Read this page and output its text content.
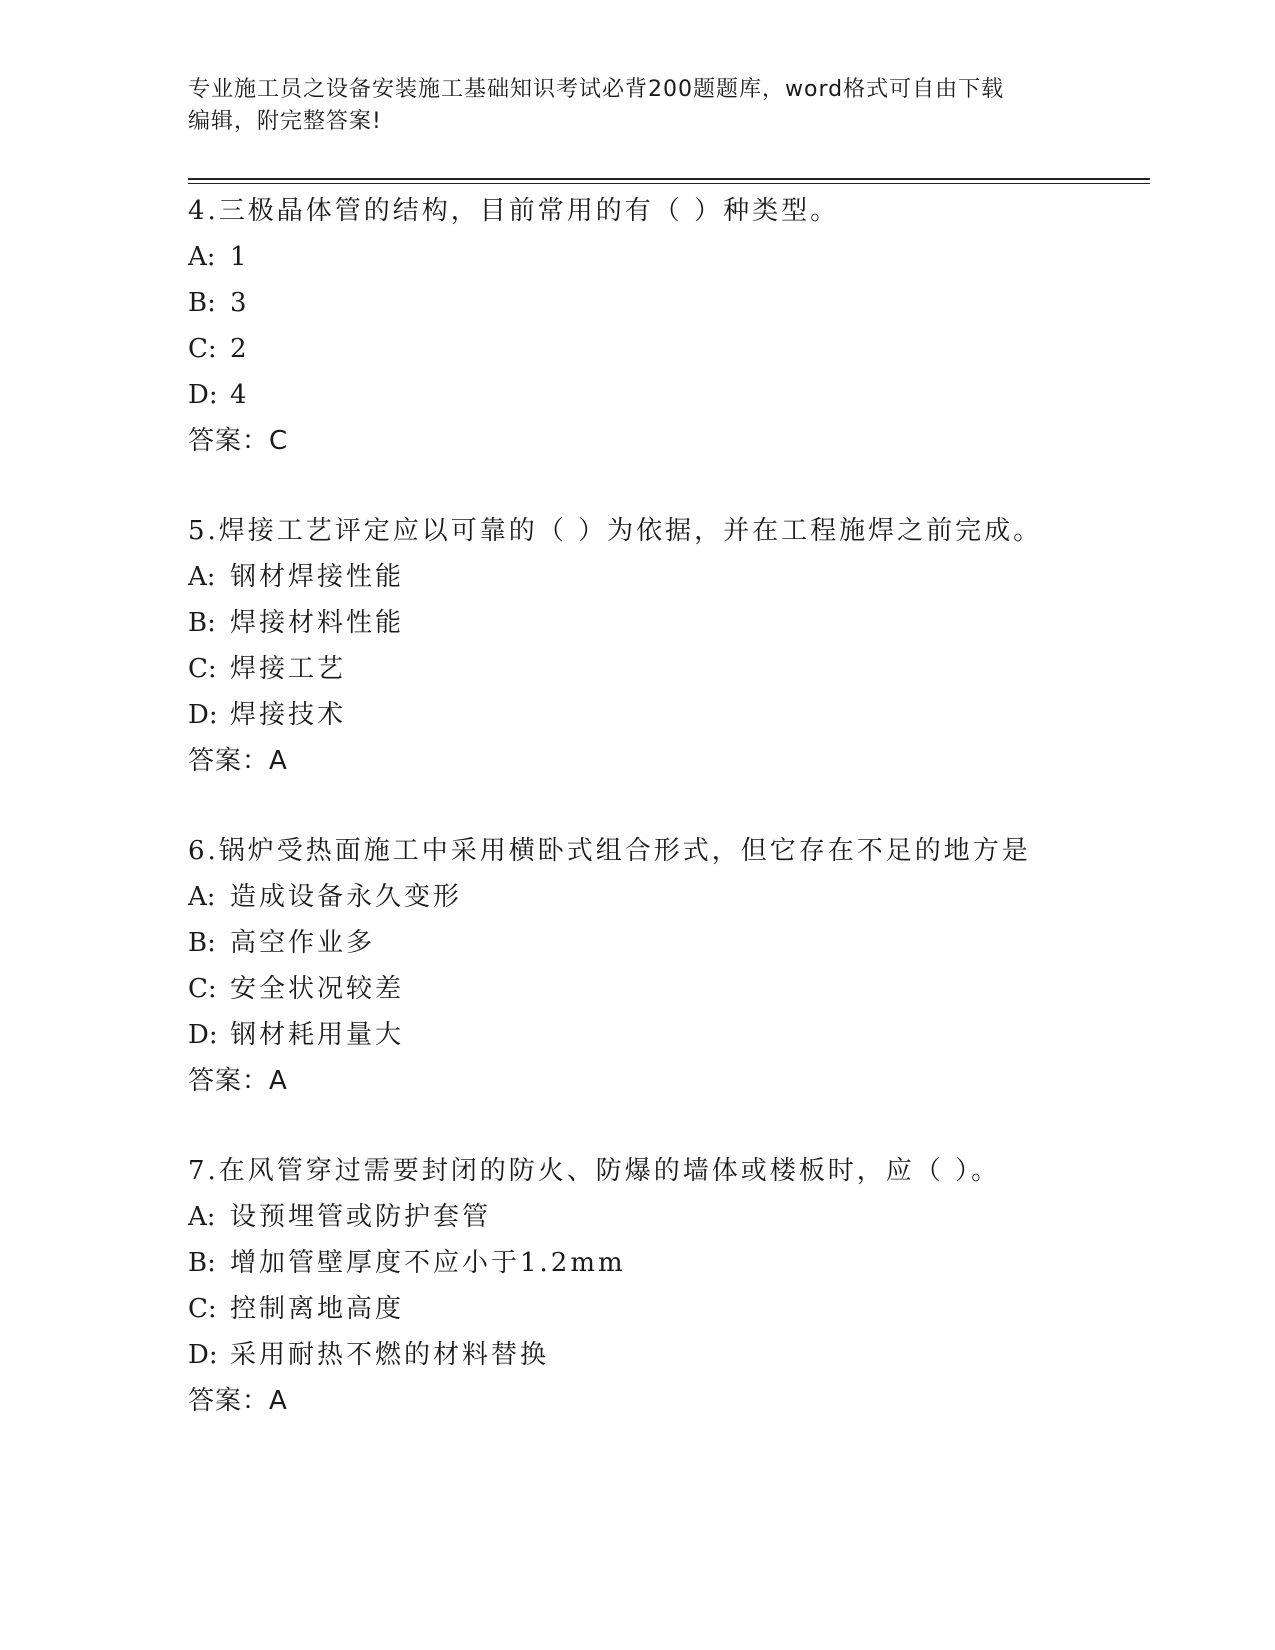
专业施工员之设备安装施工基础知识考试必背200题题库，word格式可自由下载
编辑，附完整答案!
4.三极晶体管的结构，目前常用的有（ ）种类型。
A: 1
B: 3
C: 2
D: 4
答案：C
5.焊接工艺评定应以可靠的（ ）为依据，并在工程施焊之前完成。
A: 钢材焊接性能
B: 焊接材料性能
C: 焊接工艺
D: 焊接技术
答案：A
6.锅炉受热面施工中采用横卧式组合形式，但它存在不足的地方是
A: 造成设备永久变形
B: 高空作业多
C: 安全状况较差
D: 钢材耗用量大
答案：A
7.在风管穿过需要封闭的防火、防爆的墙体或楼板时，应（ ）。
A: 设预埋管或防护套管
B: 增加管壁厚度不应小于1.2mm
C: 控制离地高度
D: 采用耐热不燃的材料替换
答案：A
